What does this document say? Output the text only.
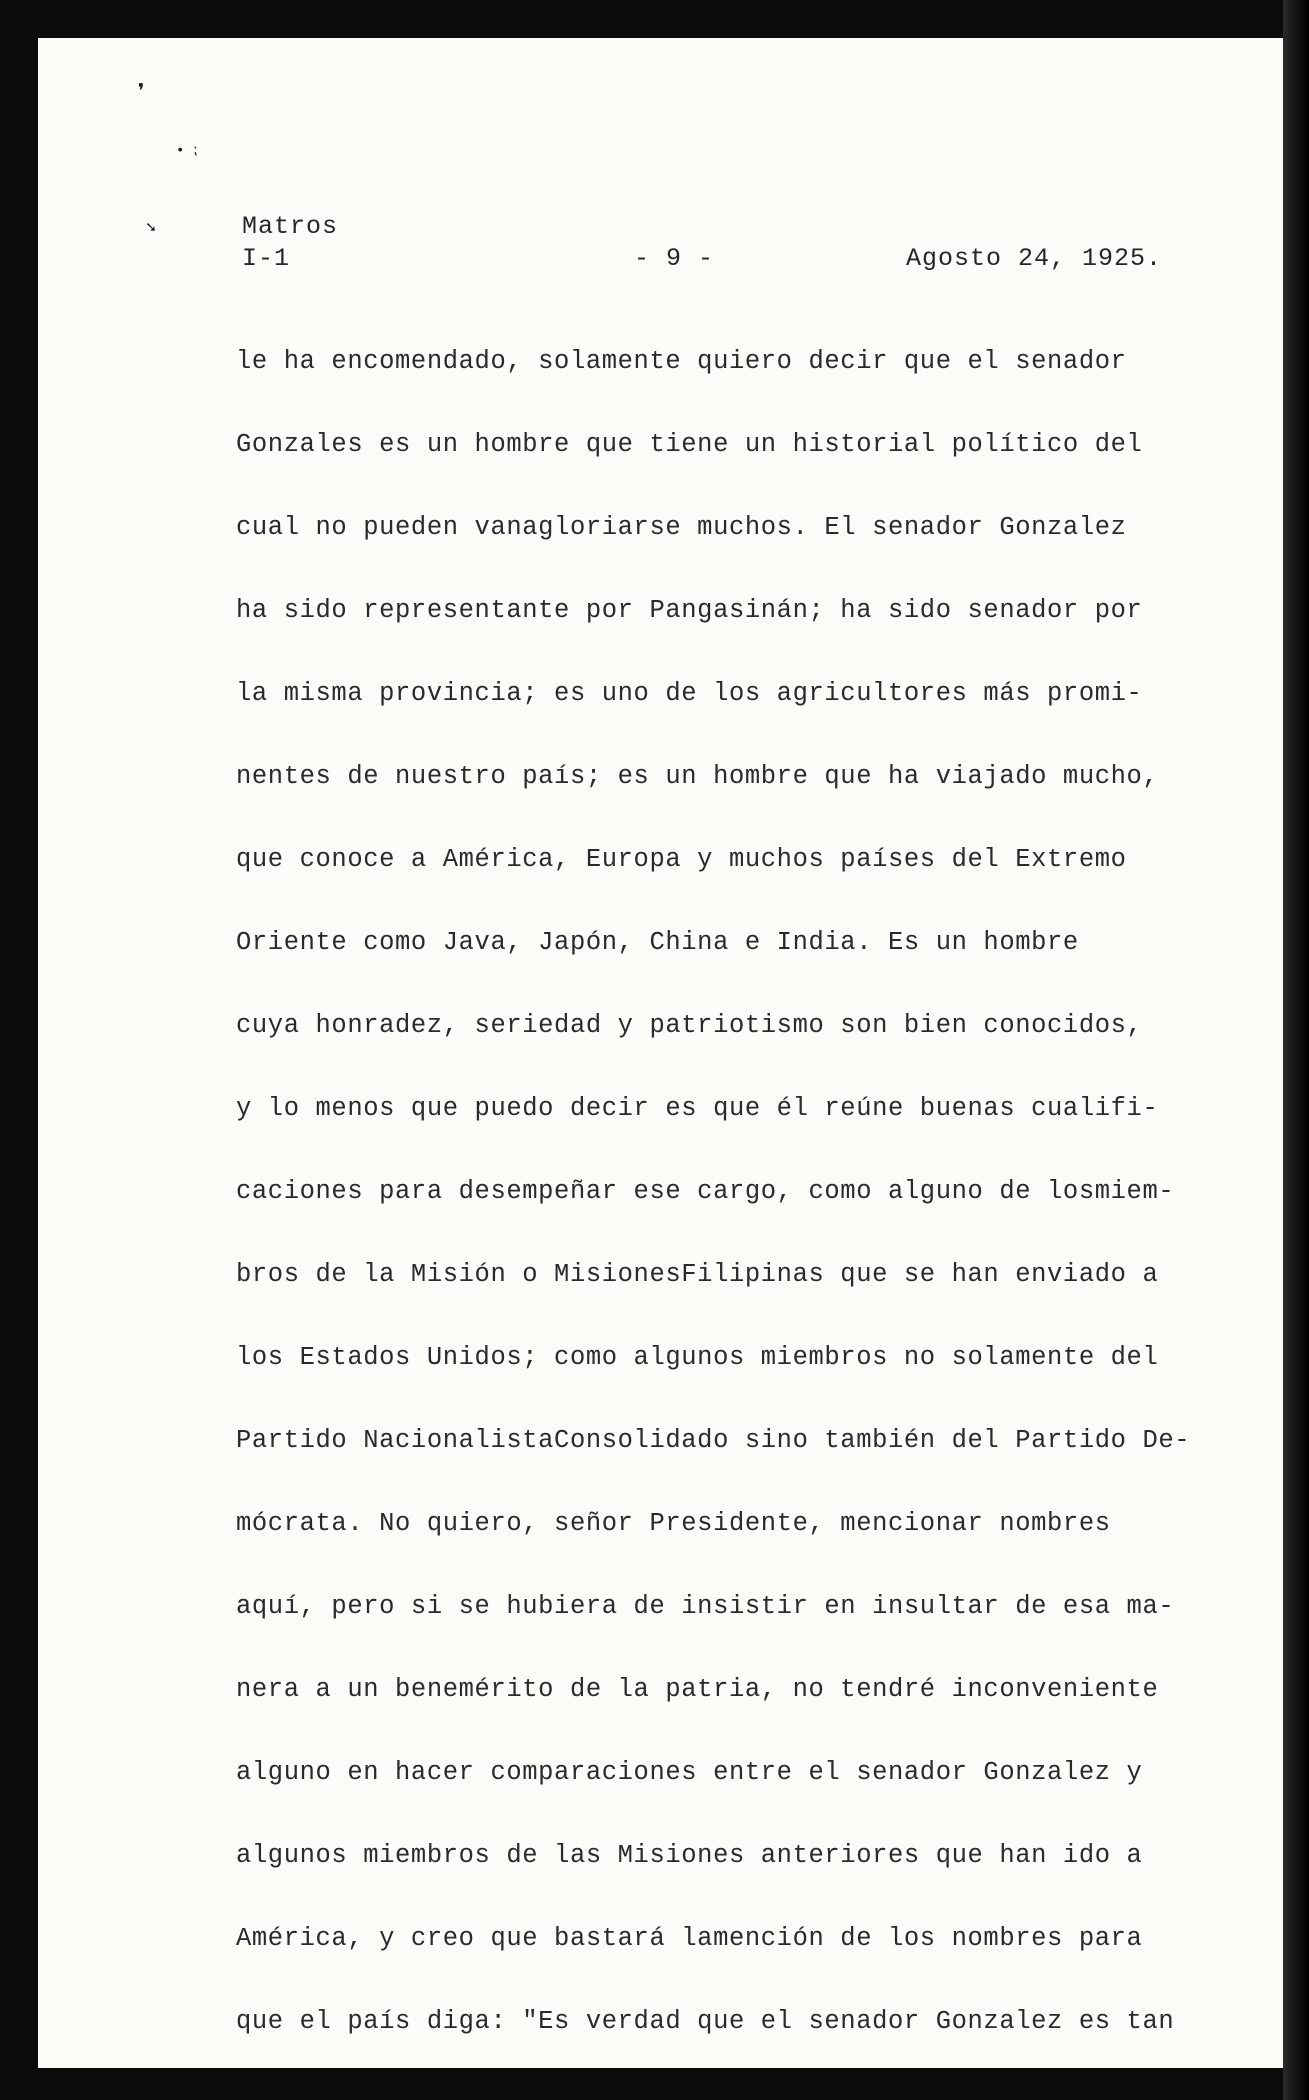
❜
• ⁏
➘	Matros
I-1	- 9 -	Agosto 24, 1925.
le ha encomendado, solamente quiero decir que el senador
Gonzales es un hombre que tiene un historial político del
cual no pueden vanagloriarse muchos. El senador Gonzalez
ha sido representante por Pangasinán; ha sido senador por
la misma provincia; es uno de los agricultores más promi-
nentes de nuestro país; es un hombre que ha viajado mucho,
que conoce a América, Europa y muchos países del Extremo
Oriente como Java, Japón, China e India. Es un hombre
cuya honradez, seriedad y patriotismo son bien conocidos,
y lo menos que puedo decir es que él reúne buenas cualifi-
caciones para desempeñar ese cargo, como alguno de losmiem-
bros de la Misión o MisionesFilipinas que se han enviado a
los Estados Unidos; como algunos miembros no solamente del
Partido NacionalistaConsolidado sino también del Partido De-
mócrata. No quiero, señor Presidente, mencionar nombres
aquí, pero si se hubiera de insistir en insultar de esa ma-
nera a un benemérito de la patria, no tendré inconveniente
alguno en hacer comparaciones entre el senador Gonzalez y
algunos miembros de las Misiones anteriores que han ido a
América, y creo que bastará lamención de los nombres para
que el país diga: "Es verdad que el senador Gonzalez es tan
